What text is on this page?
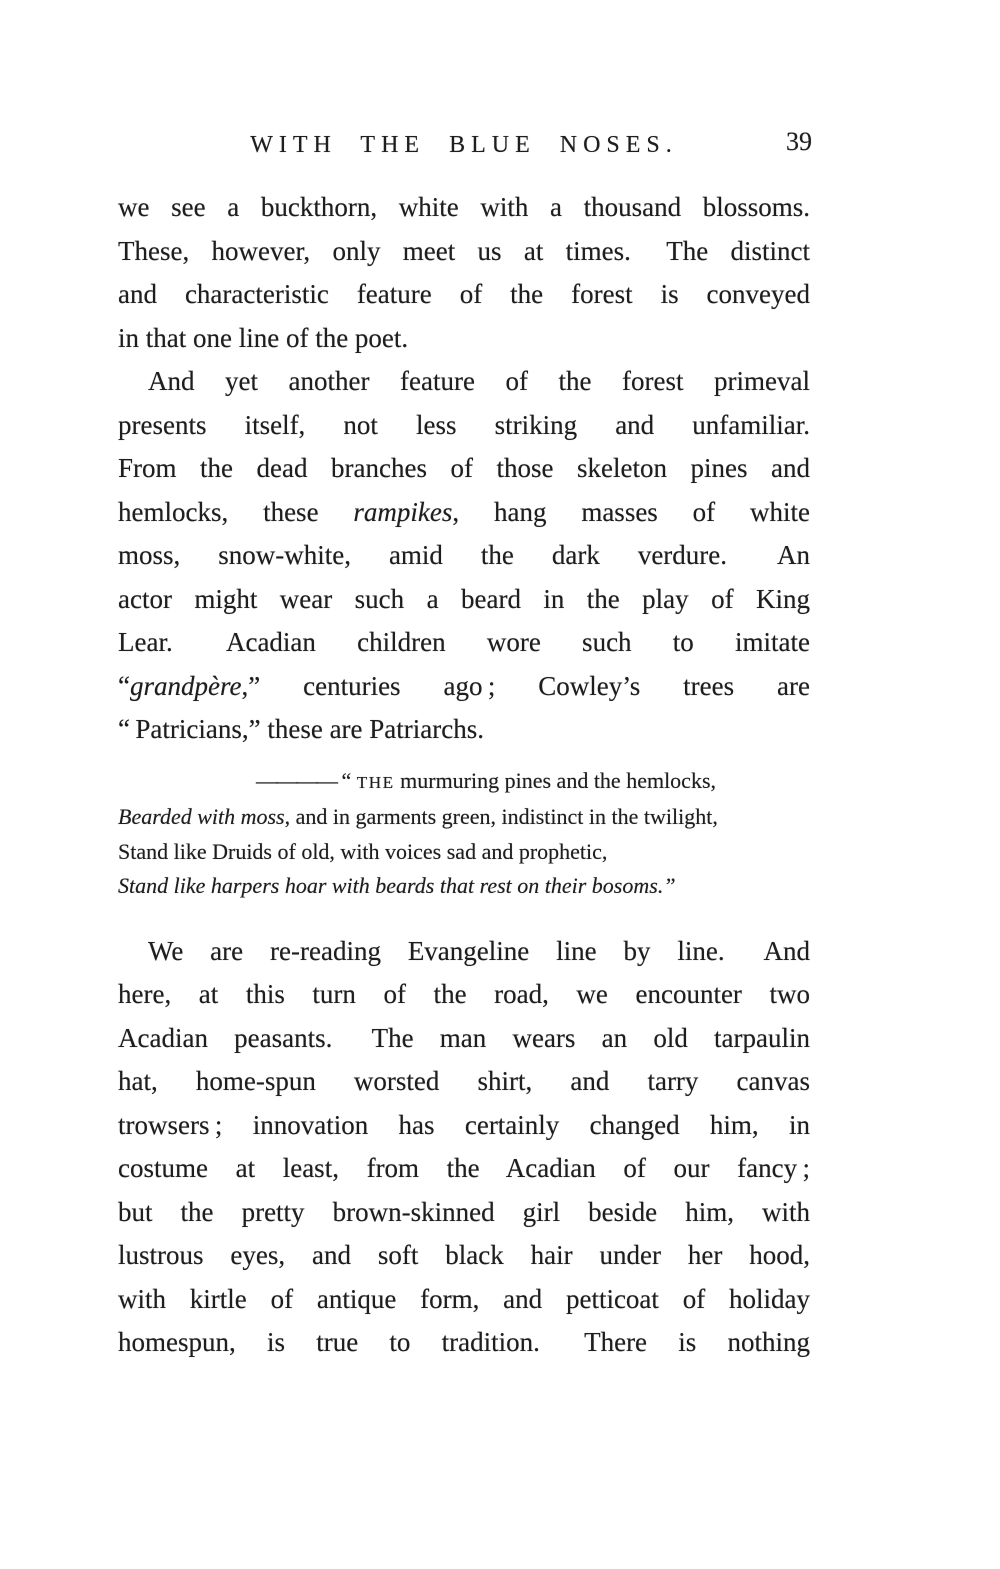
WITH THE BLUE NOSES.	39
we see a buckthorn, white with a thousand blossoms.
These, however, only meet us at times.  The distinct
and characteristic feature of the forest is conveyed
in that one line of the poet.
And yet another feature of the forest primeval
presents itself, not less striking and unfamiliar.
From the dead branches of those skeleton pines and
hemlocks, these rampikes, hang masses of white
moss, snow-white, amid the dark verdure.  An
actor might wear such a beard in the play of King
Lear.  Acadian children wore such to imitate
“grandpère,” centuries ago ; Cowley’s trees are
“ Patricians,” these are Patriarchs.
———— “ THE murmuring pines and the hemlocks,
Bearded with moss, and in garments green, indistinct in the twilight,
Stand like Druids of old, with voices sad and prophetic,
Stand like harpers hoar with beards that rest on their bosoms.”
We are re-reading Evangeline line by line.  And
here, at this turn of the road, we encounter two
Acadian peasants.  The man wears an old tarpaulin
hat, home-spun worsted shirt, and tarry canvas
trowsers ; innovation has certainly changed him, in
costume at least, from the Acadian of our fancy ;
but the pretty brown-skinned girl beside him, with
lustrous eyes, and soft black hair under her hood,
with kirtle of antique form, and petticoat of holiday
homespun, is true to tradition.  There is nothing
